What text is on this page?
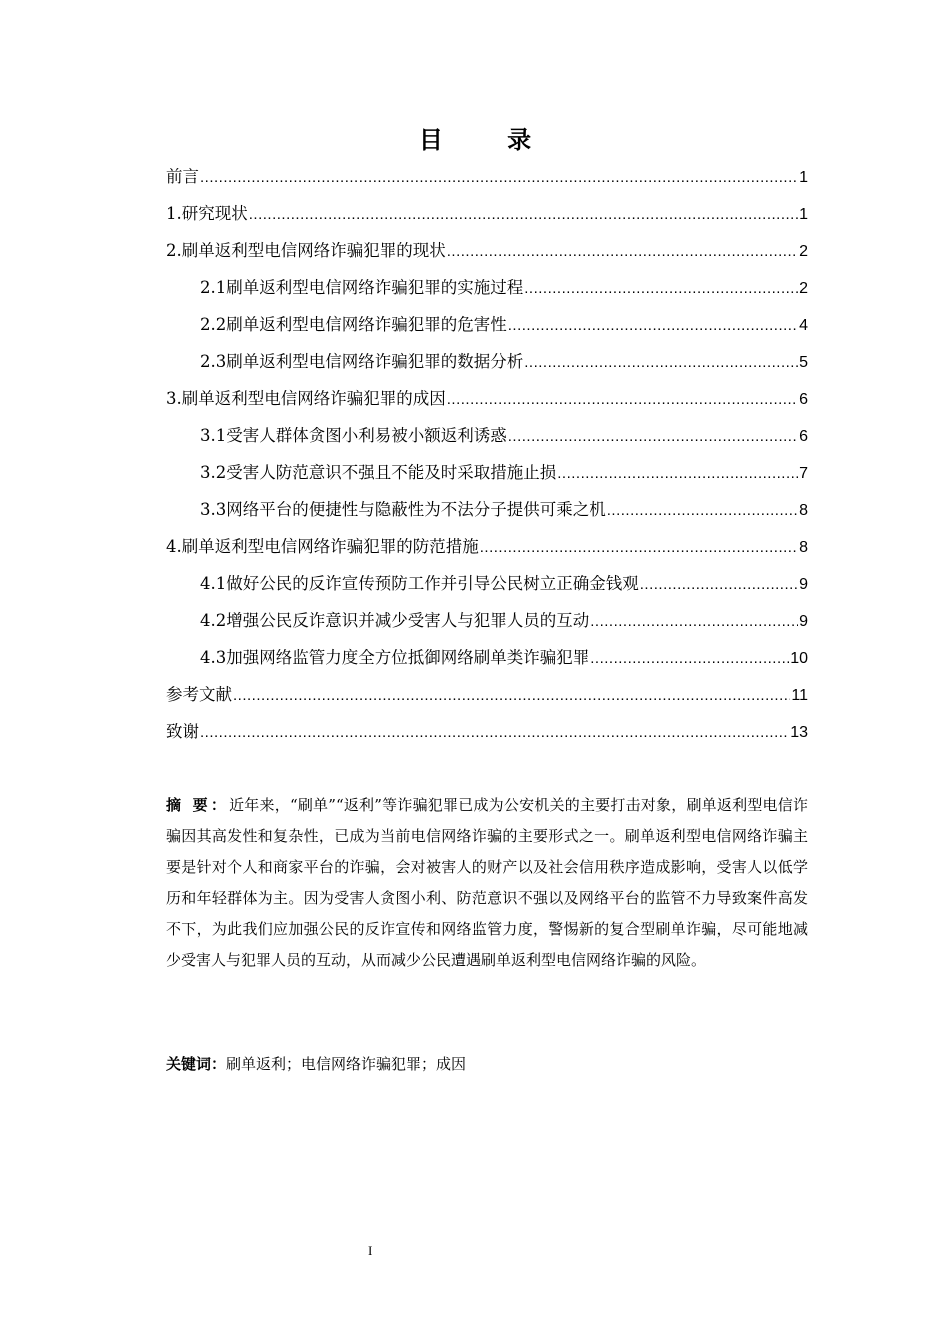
目 录
前言 .....	1
1.研究现状 .....	1
2.刷单返利型电信网络诈骗犯罪的现状 .....	2
2.1刷单返利型电信网络诈骗犯罪的实施过程 .....	2
2.2刷单返利型电信网络诈骗犯罪的危害性 .....	4
2.3刷单返利型电信网络诈骗犯罪的数据分析 .....	5
3.刷单返利型电信网络诈骗犯罪的成因 .....	6
3.1受害人群体贪图小利易被小额返利诱惑 .....	6
3.2受害人防范意识不强且不能及时采取措施止损 .....	7
3.3网络平台的便捷性与隐蔽性为不法分子提供可乘之机 .....	8
4.刷单返利型电信网络诈骗犯罪的防范措施 .....	8
4.1做好公民的反诈宣传预防工作并引导公民树立正确金钱观 .....	9
4.2增强公民反诈意识并减少受害人与犯罪人员的互动 .....	9
4.3加强网络监管力度全方位抵御网络刷单类诈骗犯罪 .....	10
参考文献 .....	11
致谢 .....	13
摘 要：近年来，“刷单”“返利”等诈骗犯罪已成为公安机关的主要打击对象，刷单返利型电信诈骗因其高发性和复杂性，已成为当前电信网络诈骗的主要形式之一。刷单返利型电信网络诈骗主要是针对个人和商家平台的诈骗，会对被害人的财产以及社会信用秩序造成影响，受害人以低学历和年轻群体为主。因为受害人贪图小利、防范意识不强以及网络平台的监管不力导致案件高发不下，为此我们应加强公民的反诈宣传和网络监管力度，警惕新的复合型刷单诈骗，尽可能地减少受害人与犯罪人员的互动，从而减少公民遭遇刷单返利型电信网络诈骗的风险。
关键词：刷单返利；电信网络诈骗犯罪；成因
I
